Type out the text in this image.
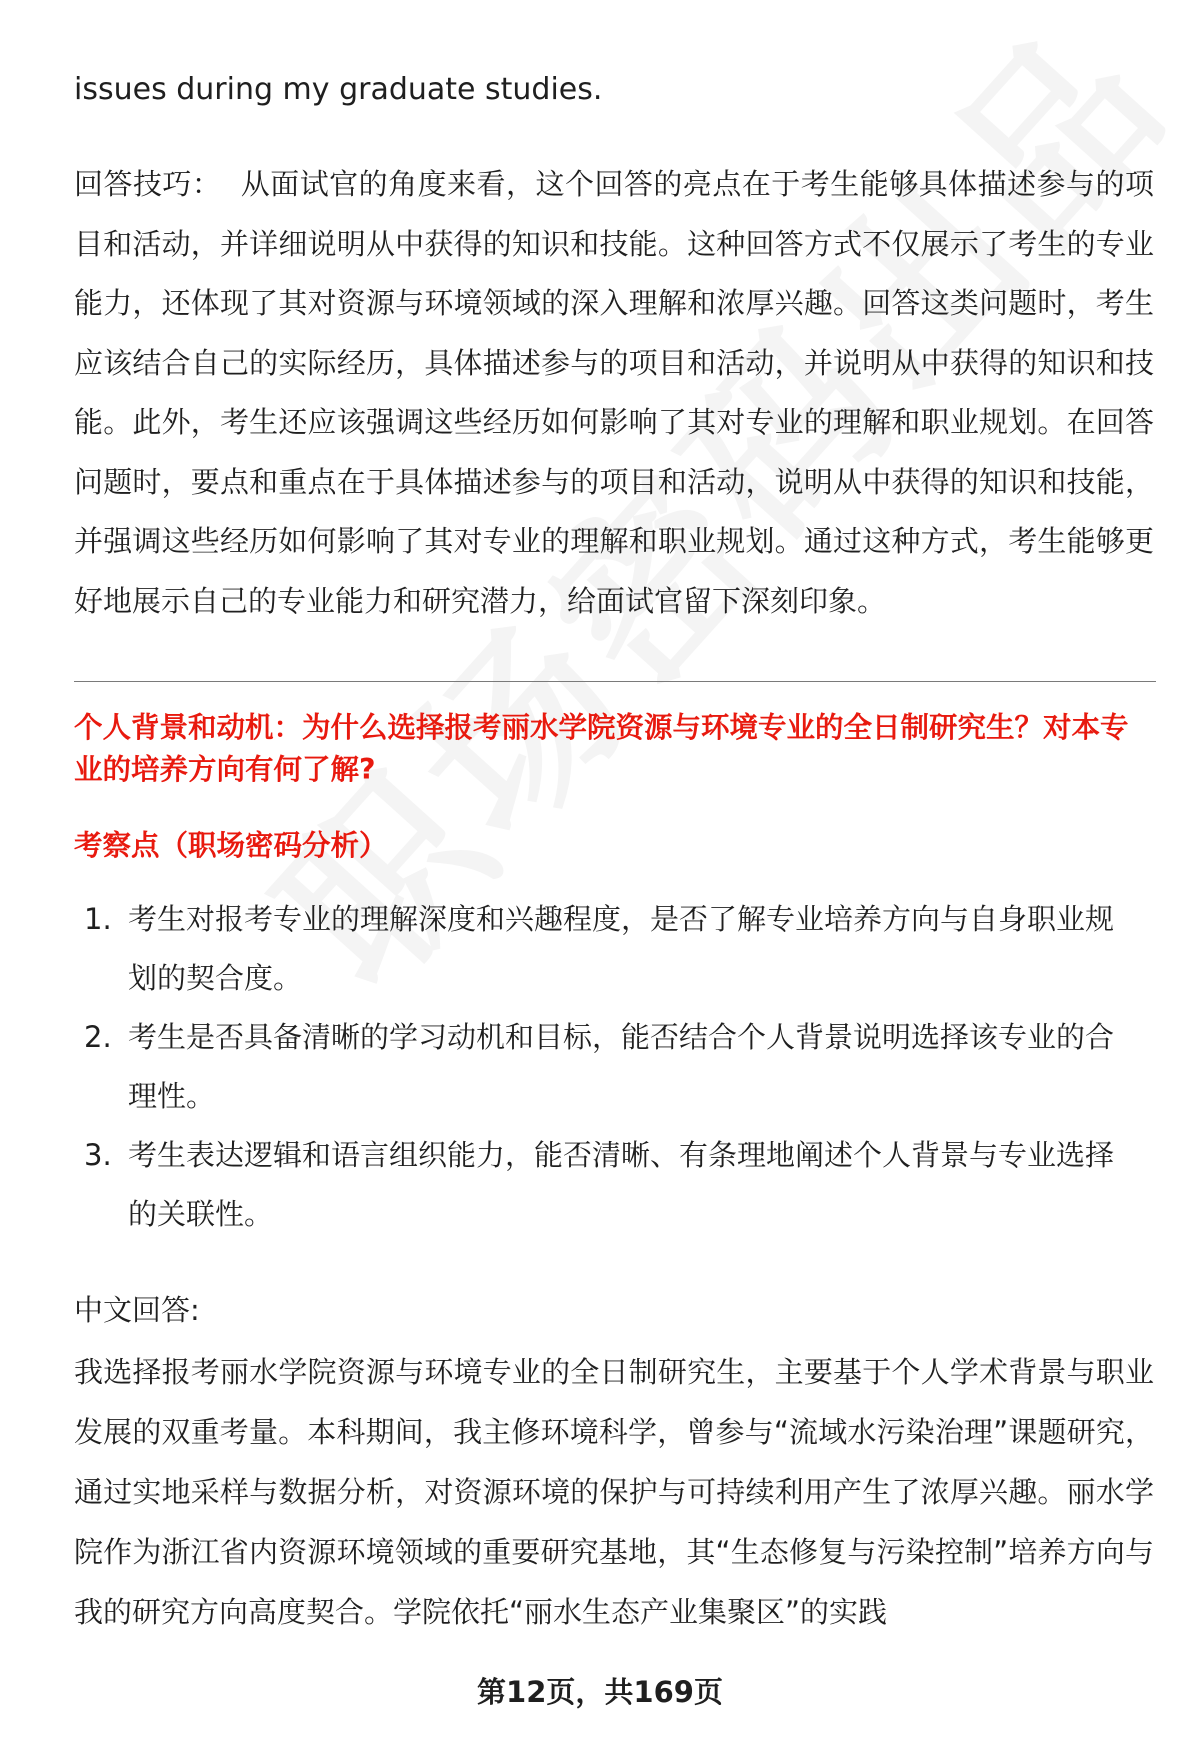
issues during my graduate studies.
回答技巧： 从面试官的角度来看，这个回答的亮点在于考生能够具体描述参与的项目和活动，并详细说明从中获得的知识和技能。这种回答方式不仅展示了考生的专业能力，还体现了其对资源与环境领域的深入理解和浓厚兴趣。回答这类问题时，考生应该结合自己的实际经历，具体描述参与的项目和活动，并说明从中获得的知识和技能。此外，考生还应该强调这些经历如何影响了其对专业的理解和职业规划。在回答问题时，要点和重点在于具体描述参与的项目和活动，说明从中获得的知识和技能，并强调这些经历如何影响了其对专业的理解和职业规划。通过这种方式，考生能够更好地展示自己的专业能力和研究潜力，给面试官留下深刻印象。
个人背景和动机：为什么选择报考丽水学院资源与环境专业的全日制研究生？对本专业的培养方向有何了解?
考察点（职场密码分析）
1. 考生对报考专业的理解深度和兴趣程度，是否了解专业培养方向与自身职业规划的契合度。
2. 考生是否具备清晰的学习动机和目标，能否结合个人背景说明选择该专业的合理性。
3. 考生表达逻辑和语言组织能力，能否清晰、有条理地阐述个人背景与专业选择的关联性。
中文回答:
我选择报考丽水学院资源与环境专业的全日制研究生，主要基于个人学术背景与职业发展的双重考量。本科期间，我主修环境科学，曾参与“流域水污染治理”课题研究，通过实地采样与数据分析，对资源环境的保护与可持续利用产生了浓厚兴趣。丽水学院作为浙江省内资源环境领域的重要研究基地，其“生态修复与污染控制”培养方向与我的研究方向高度契合。学院依托“丽水生态产业集聚区”的实践
第12页，共169页
